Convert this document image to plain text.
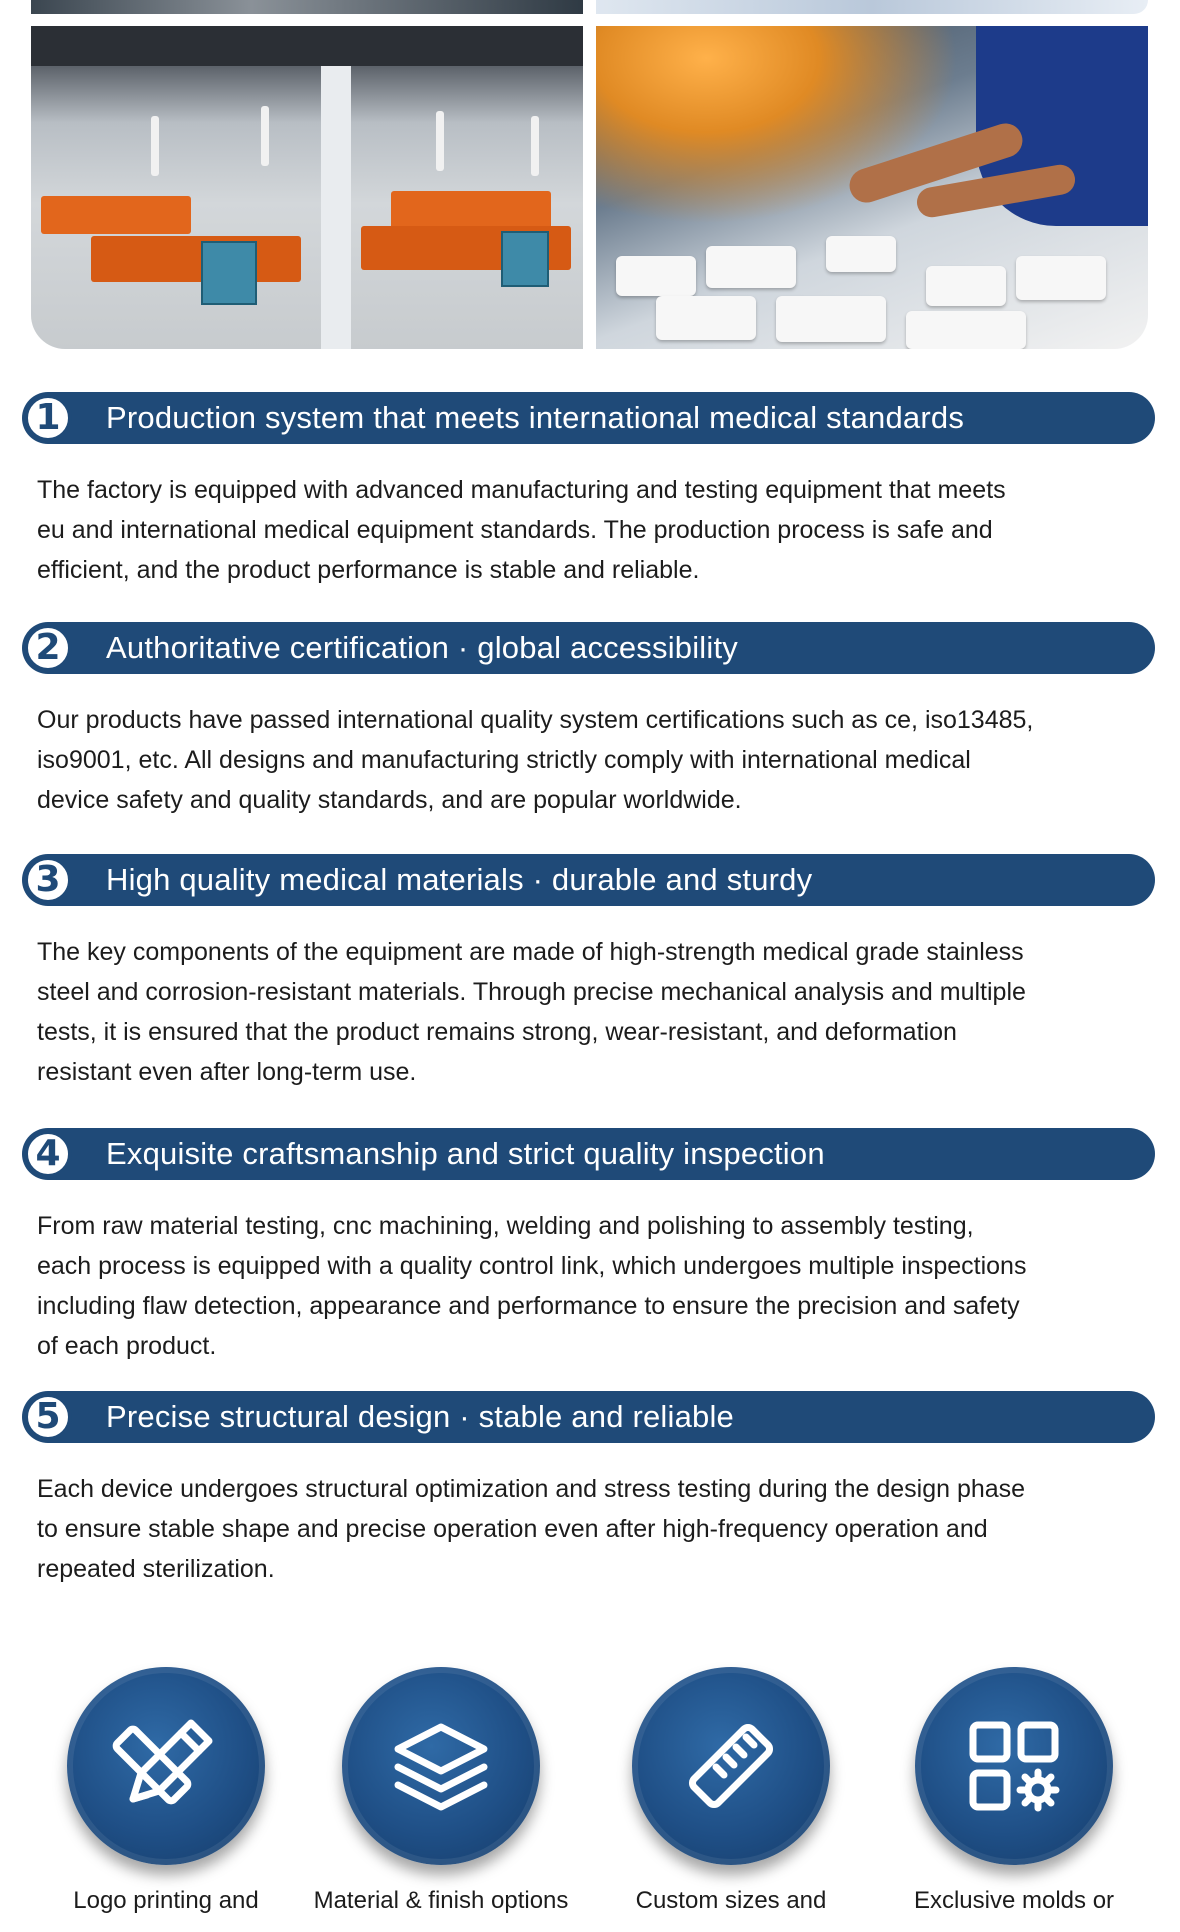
1	Production system that meets international medical standards
The factory is equipped with advanced manufacturing and testing equipment that meets
eu and international medical equipment standards. The production process is safe and
efficient, and the product performance is stable and reliable.
2	Authoritative certification · global accessibility
Our products have passed international quality system certifications such as ce, iso13485,
iso9001, etc. All designs and manufacturing strictly comply with international medical
device safety and quality standards, and are popular worldwide.
3	High quality medical materials · durable and sturdy
The key components of the equipment are made of high-strength medical grade stainless
steel and corrosion-resistant materials. Through precise mechanical analysis and multiple
tests, it is ensured that the product remains strong, wear-resistant, and deformation
resistant even after long-term use.
4	Exquisite craftsmanship and strict quality inspection
From raw material testing, cnc machining, welding and polishing to assembly testing,
each process is equipped with a quality control link, which undergoes multiple inspections
including flaw detection, appearance and performance to ensure the precision and safety
of each product.
5	Precise structural design · stable and reliable
Each device undergoes structural optimization and stress testing during the design phase
to ensure stable shape and precise operation even after high-frequency operation and
repeated sterilization.
Logo printing and	Material & finish options	Custom sizes and	Exclusive molds or
